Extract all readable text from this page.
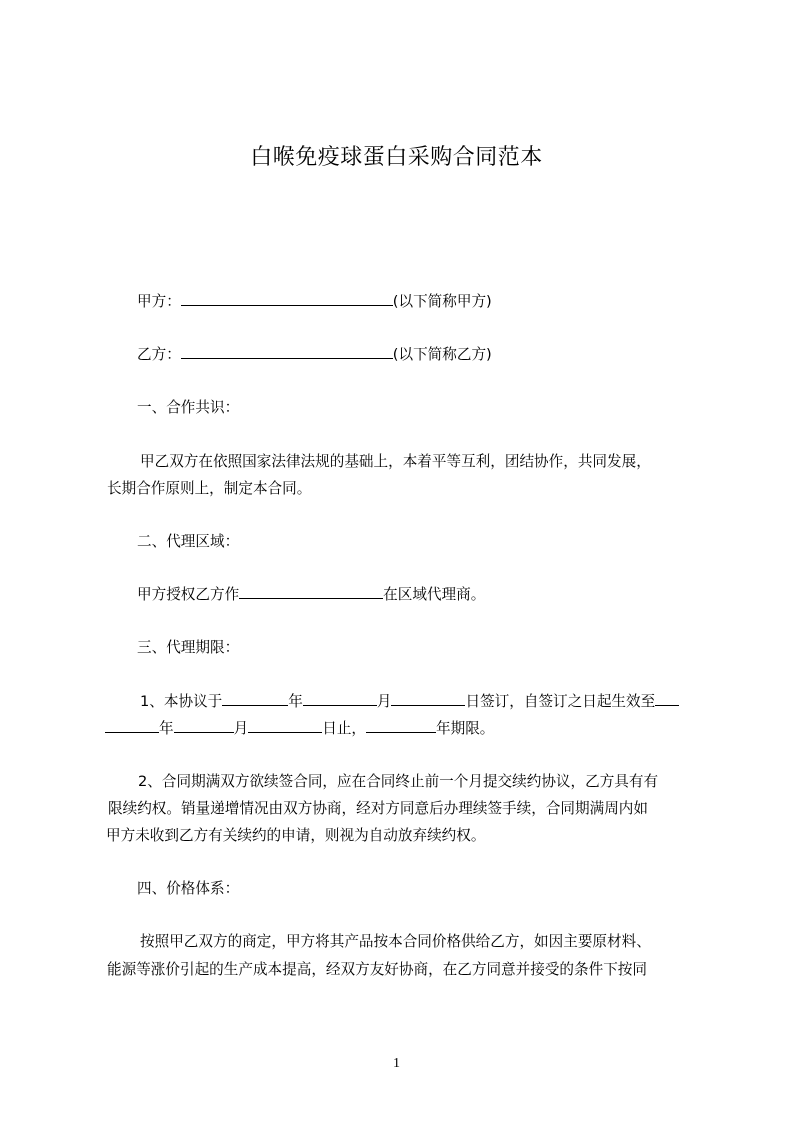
白喉免疫球蛋白采购合同范本
甲方：	(以下简称甲方)
乙方：	(以下简称乙方)
一、合作共识：
甲乙双方在依照国家法律法规的基础上，本着平等互利，团结协作，共同发展，
长期合作原则上，制定本合同。
二、代理区域：
甲方授权乙方作	在区域代理商。
三、代理期限：
1、本协议于	年	月	日签订，自签订之日起生效至
年	月	日止，	年期限。
2、合同期满双方欲续签合同，应在合同终止前一个月提交续约协议，乙方具有有
限续约权。销量递增情况由双方协商，经对方同意后办理续签手续，合同期满周内如
甲方未收到乙方有关续约的申请，则视为自动放弃续约权。
四、价格体系：
按照甲乙双方的商定，甲方将其产品按本合同价格供给乙方，如因主要原材料、
能源等涨价引起的生产成本提高，经双方友好协商，在乙方同意并接受的条件下按同
1
